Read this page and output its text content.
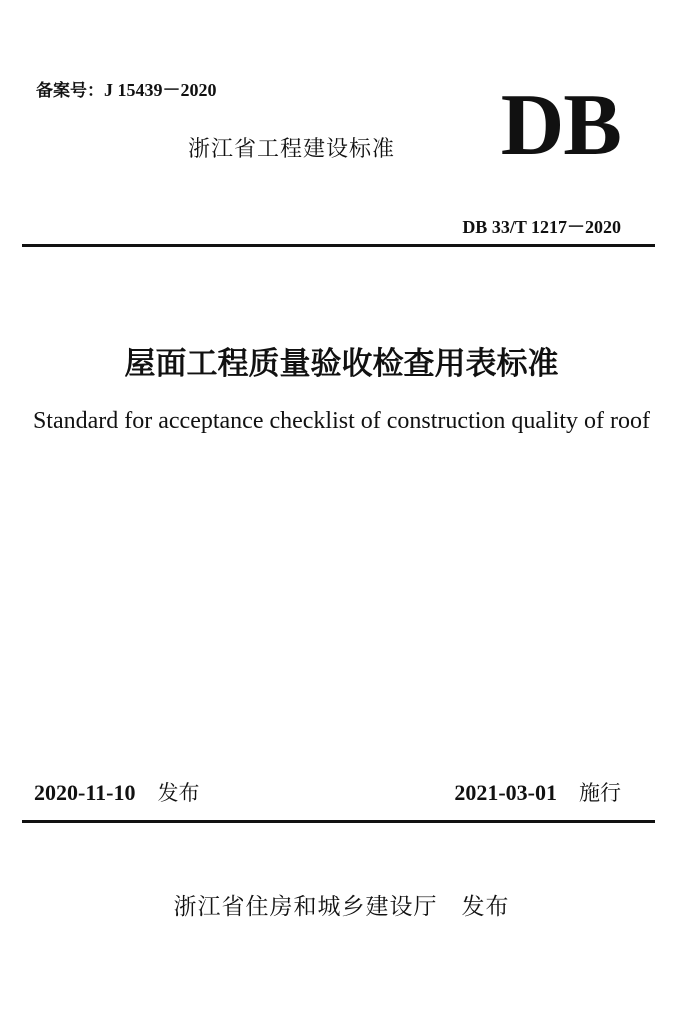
备案号：J 15439－2020
浙江省工程建设标准 DB
DB 33/T 1217－2020
屋面工程质量验收检查用表标准
Standard for acceptance checklist of construction quality of roof
2020-11-10 发布	2021-03-01 施行
浙江省住房和城乡建设厅　发布
